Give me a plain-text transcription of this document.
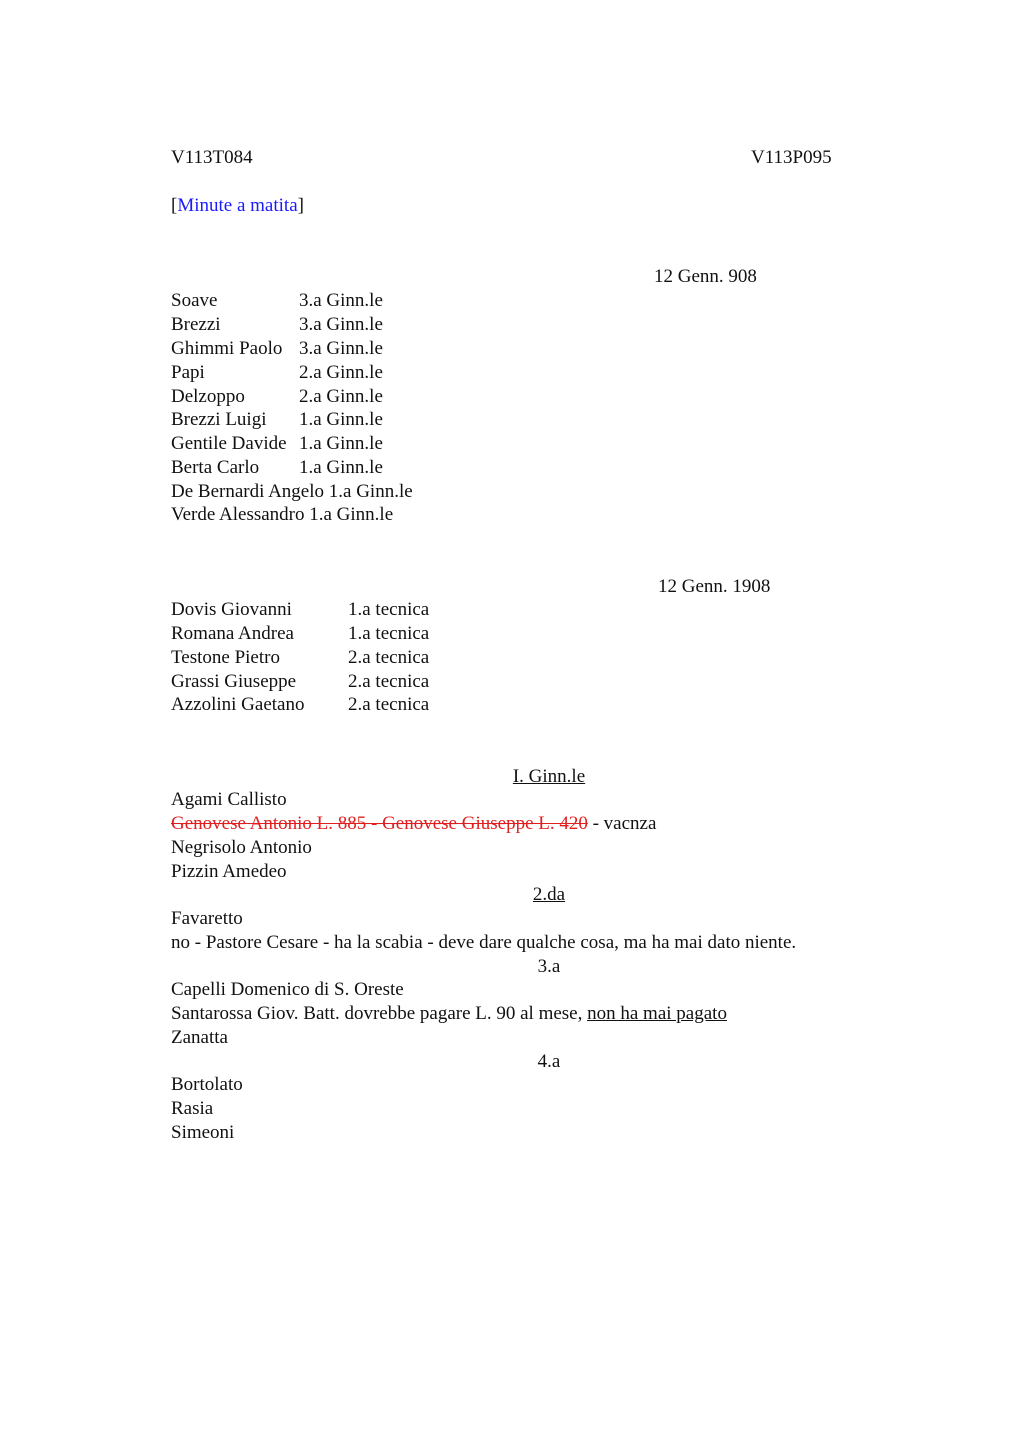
V113T084	V113P095
[Minute a matita]
12 Genn. 908
Soave	3.a Ginn.le
Brezzi	3.a Ginn.le
Ghimmi Paolo 3.a Ginn.le
Papi	2.a Ginn.le
Delzoppo	2.a Ginn.le
Brezzi Luigi 1.a Ginn.le
Gentile Davide 1.a Ginn.le
Berta Carlo 1.a Ginn.le
De Bernardi Angelo 1.a Ginn.le
Verde Alessandro 1.a Ginn.le
12 Genn. 1908
Dovis Giovanni	1.a tecnica
Romana Andrea	1.a tecnica
Testone Pietro	2.a tecnica
Grassi Giuseppe	2.a tecnica
Azzolini Gaetano 2.a tecnica
I. Ginn.le
Agami Callisto
Genovese Antonio L. 885 - Genovese Giuseppe L. 420 - vacnza
Negrisolo Antonio
Pizzin Amedeo
2.da
Favaretto
no - Pastore Cesare - ha la scabia - deve dare qualche cosa, ma ha mai dato niente.
3.a
Capelli Domenico di S. Oreste
Santarossa Giov. Batt. dovrebbe pagare L. 90 al mese, non ha mai pagato
Zanatta
4.a
Bortolato
Rasia
Simeoni
